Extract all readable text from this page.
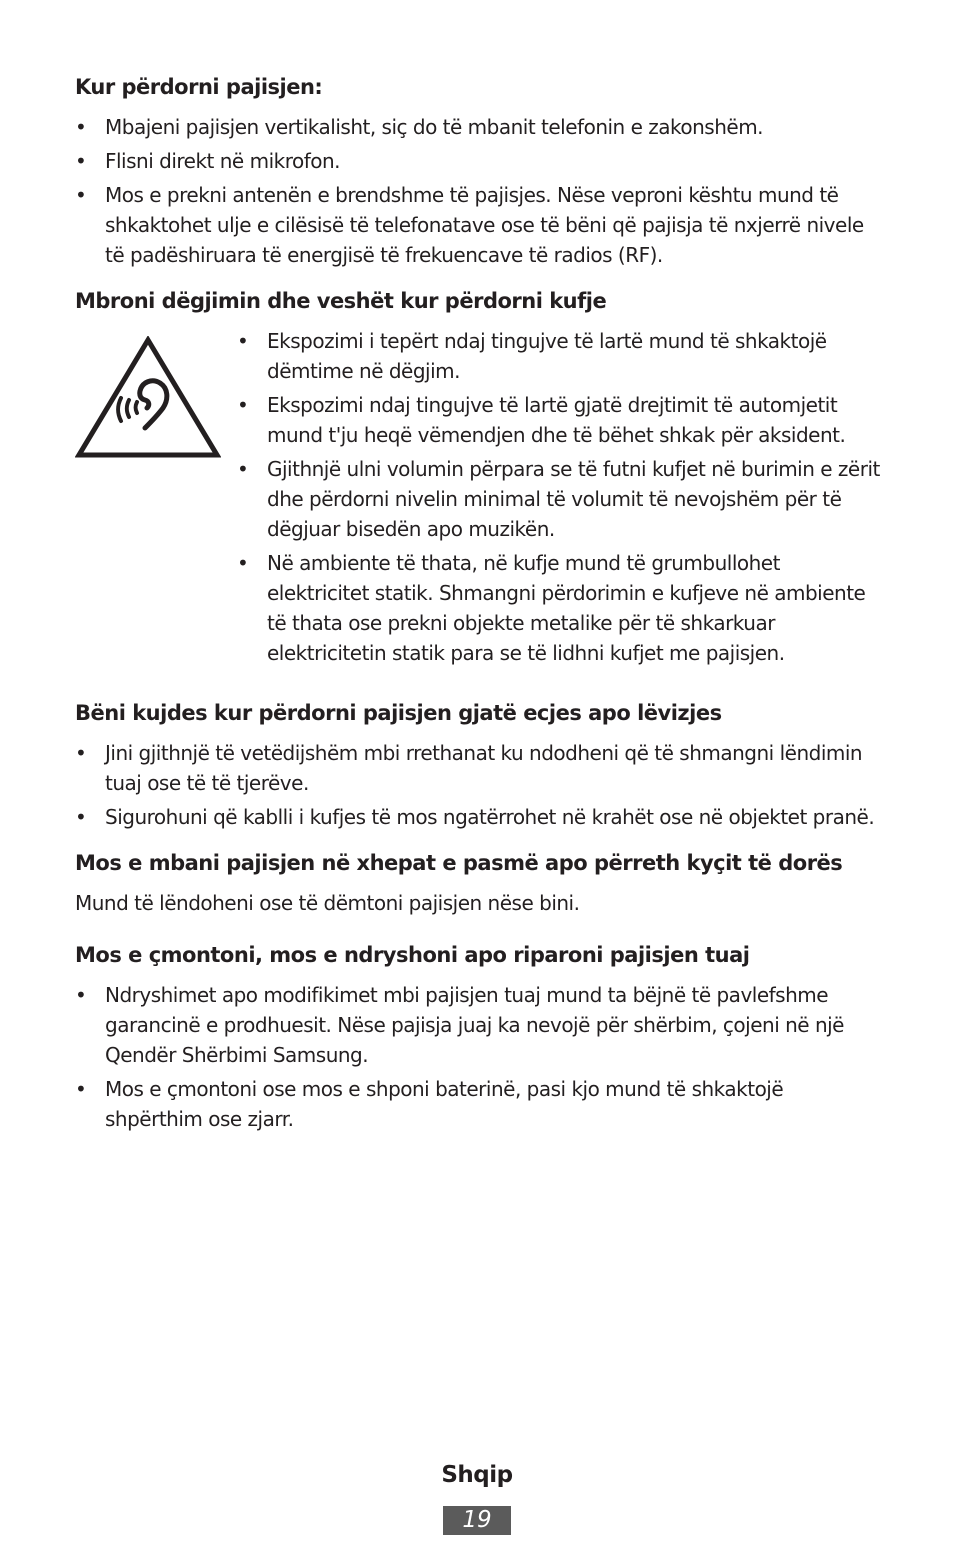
Kur përdorni pajisjen:
• Mbajeni pajisjen vertikalisht, siç do të mbanit telefonin e zakonshëm.
• Flisni direkt në mikrofon.
• Mos e prekni antenën e brendshme të pajisjes. Nëse veproni kështu mund të shkaktohet ulje e cilësisë të telefonatave ose të bëni që pajisja të nxjerrë nivele të padëshiruara të energjisë të frekuencave të radios (RF).
Mbroni dëgjimin dhe veshët kur përdorni kufje
• Ekspozimi i tepërt ndaj tingujve të lartë mund të shkaktojë dëmtime në dëgjim.
• Ekspozimi ndaj tingujve të lartë gjatë drejtimit të automjetit mund t'ju heqë vëmendjen dhe të bëhet shkak për aksident.
• Gjithnjë ulni volumin përpara se të futni kufjet në burimin e zërit dhe përdorni nivelin minimal të volumit të nevojshëm për të dëgjuar bisedën apo muzikën.
• Në ambiente të thata, në kufje mund të grumbullohet elektricitet statik. Shmangni përdorimin e kufjeve në ambiente të thata ose prekni objekte metalike për të shkarkuar elektricitetin statik para se të lidhni kufjet me pajisjen.
Bëni kujdes kur përdorni pajisjen gjatë ecjes apo lëvizjes
• Jini gjithnjë të vetëdijshëm mbi rrethanat ku ndodheni që të shmangni lëndimin tuaj ose të të tjerëve.
• Sigurohuni që kablli i kufjes të mos ngatërrohet në krahët ose në objektet pranë.
Mos e mbani pajisjen në xhepat e pasmë apo përreth kyçit të dorës

Mund të lëndoheni ose të dëmtoni pajisjen nëse bini.

Mos e çmontoni, mos e ndryshoni apo riparoni pajisjen tuaj
• Ndryshimet apo modifikimet mbi pajisjen tuaj mund ta bëjnë të pavlefshme garancinë e prodhuesit. Nëse pajisja juaj ka nevojë për shërbim, çojeni në një Qendër Shërbimi Samsung.
• Mos e çmontoni ose mos e shponi baterinë, pasi kjo mund të shkaktojë shpërthim ose zjarr.
Shqip
19
